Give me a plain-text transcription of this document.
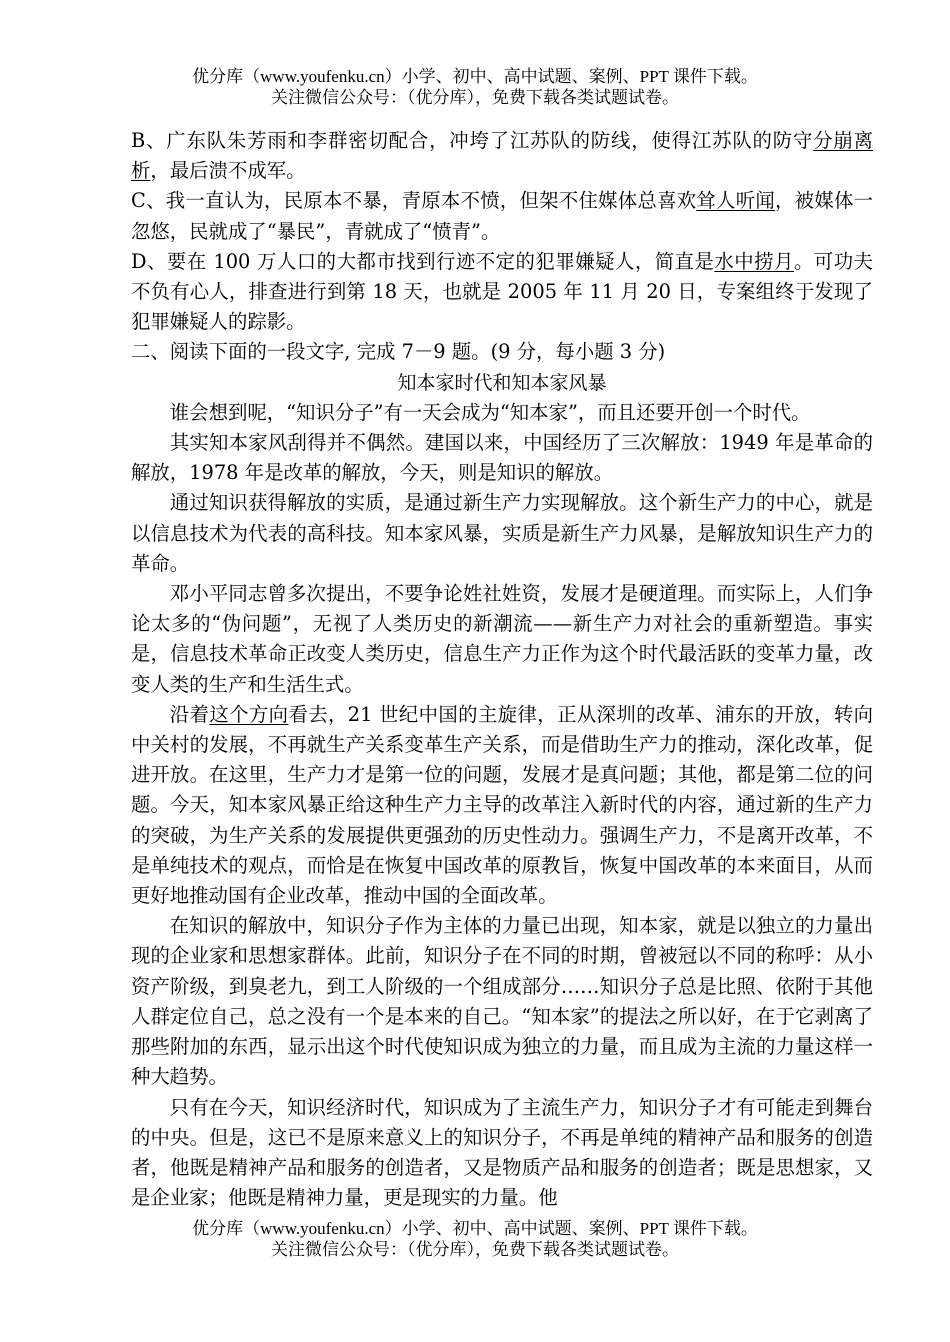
优分库（www.youfenku.cn）小学、初中、高中试题、案例、PPT 课件下载。
关注微信公众号：（优分库），免费下载各类试题试卷。

B、广东队朱芳雨和李群密切配合，冲垮了江苏队的防线，使得江苏队的防守分崩离析，最后溃不成军。

C、我一直认为，民原本不暴，青原本不愤，但架不住媒体总喜欢耸人听闻，被媒体一忽悠，民就成了“暴民”，青就成了“愤青”。

D、要在 100 万人口的大都市找到行迹不定的犯罪嫌疑人，简直是水中捞月。可功夫不负有心人，排查进行到第 18 天，也就是 2005 年 11 月 20 日，专案组终于发现了犯罪嫌疑人的踪影。

二、阅读下面的一段文字, 完成 7－9 题。(9 分，每小题 3 分)

知本家时代和知本家风暴

谁会想到呢，“知识分子”有一天会成为“知本家”，而且还要开创一个时代。

其实知本家风刮得并不偶然。建国以来，中国经历了三次解放：1949 年是革命的解放，1978 年是改革的解放，今天，则是知识的解放。

通过知识获得解放的实质，是通过新生产力实现解放。这个新生产力的中心，就是以信息技术为代表的高科技。知本家风暴，实质是新生产力风暴，是解放知识生产力的革命。

邓小平同志曾多次提出，不要争论姓社姓资，发展才是硬道理。而实际上，人们争论太多的“伪问题”，无视了人类历史的新潮流——新生产力对社会的重新塑造。事实是，信息技术革命正改变人类历史，信息生产力正作为这个时代最活跃的变革力量，改变人类的生产和生活生式。

沿着这个方向看去，21 世纪中国的主旋律，正从深圳的改革、浦东的开放，转向中关村的发展，不再就生产关系变革生产关系，而是借助生产力的推动，深化改革，促进开放。在这里，生产力才是第一位的问题，发展才是真问题；其他，都是第二位的问题。今天，知本家风暴正给这种生产力主导的改革注入新时代的内容，通过新的生产力的突破，为生产关系的发展提供更强劲的历史性动力。强调生产力，不是离开改革，不是单纯技术的观点，而恰是在恢复中国改革的原教旨，恢复中国改革的本来面目，从而更好地推动国有企业改革，推动中国的全面改革。

在知识的解放中，知识分子作为主体的力量已出现，知本家，就是以独立的力量出现的企业家和思想家群体。此前，知识分子在不同的时期，曾被冠以不同的称呼：从小资产阶级，到臭老九，到工人阶级的一个组成部分……知识分子总是比照、依附于其他人群定位自己，总之没有一个是本来的自己。“知本家”的提法之所以好，在于它剥离了那些附加的东西，显示出这个时代使知识成为独立的力量，而且成为主流的力量这样一种大趋势。

只有在今天，知识经济时代，知识成为了主流生产力，知识分子才有可能走到舞台的中央。但是，这已不是原来意义上的知识分子，不再是单纯的精神产品和服务的创造者，他既是精神产品和服务的创造者，又是物质产品和服务的创造者；既是思想家，又是企业家；他既是精神力量，更是现实的力量。他

优分库（www.youfenku.cn）小学、初中、高中试题、案例、PPT 课件下载。
关注微信公众号：（优分库），免费下载各类试题试卷。
